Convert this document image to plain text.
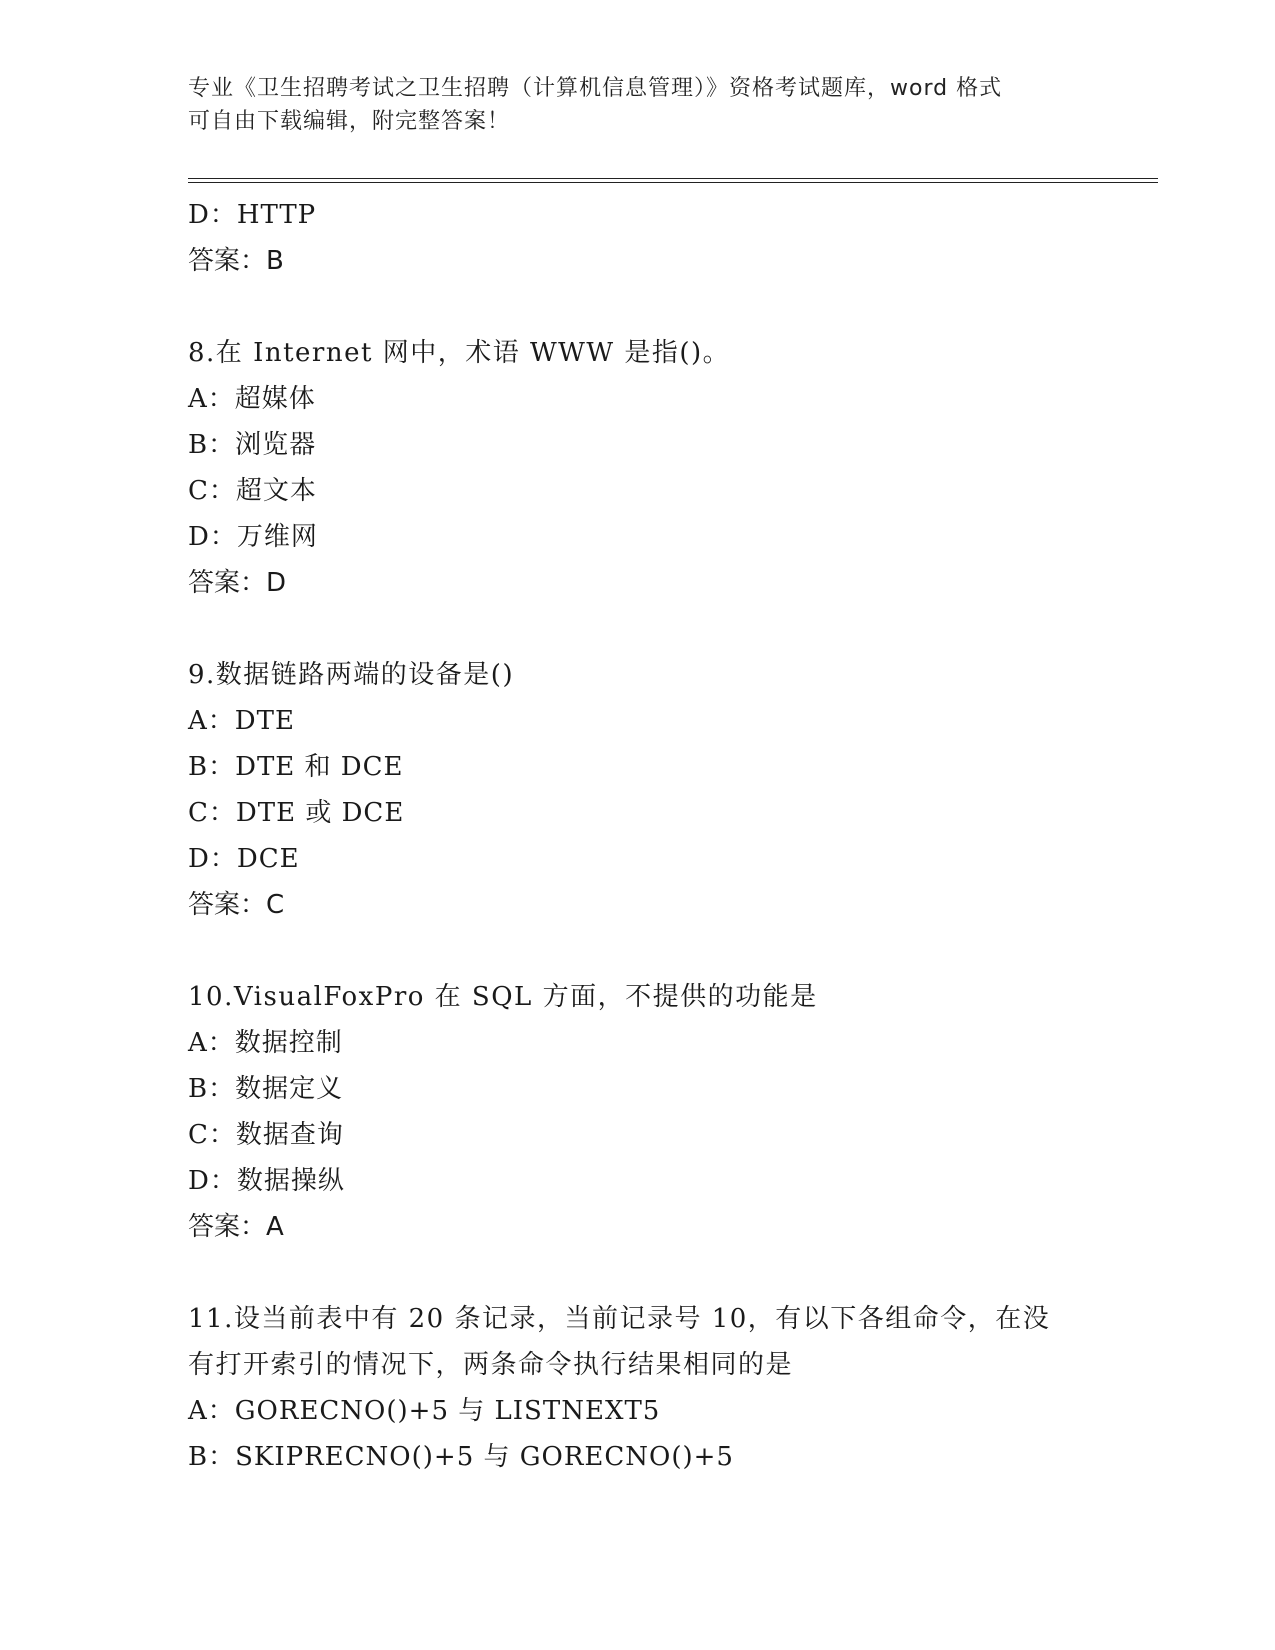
专业《卫生招聘考试之卫生招聘（计算机信息管理）》资格考试题库，word 格式
可自由下载编辑，附完整答案！
D：HTTP
答案：B
8.在 Internet 网中，术语 WWW 是指()。
A：超媒体
B：浏览器
C：超文本
D：万维网
答案：D
9.数据链路两端的设备是()
A：DTE
B：DTE 和 DCE
C：DTE 或 DCE
D：DCE
答案：C
10.VisualFoxPro 在 SQL 方面，不提供的功能是
A：数据控制
B：数据定义
C：数据查询
D：数据操纵
答案：A
11.设当前表中有 20 条记录，当前记录号 10，有以下各组命令，在没
有打开索引的情况下，两条命令执行结果相同的是
A：GORECNO()+5 与 LISTNEXT5
B：SKIPRECNO()+5 与 GORECNO()+5
